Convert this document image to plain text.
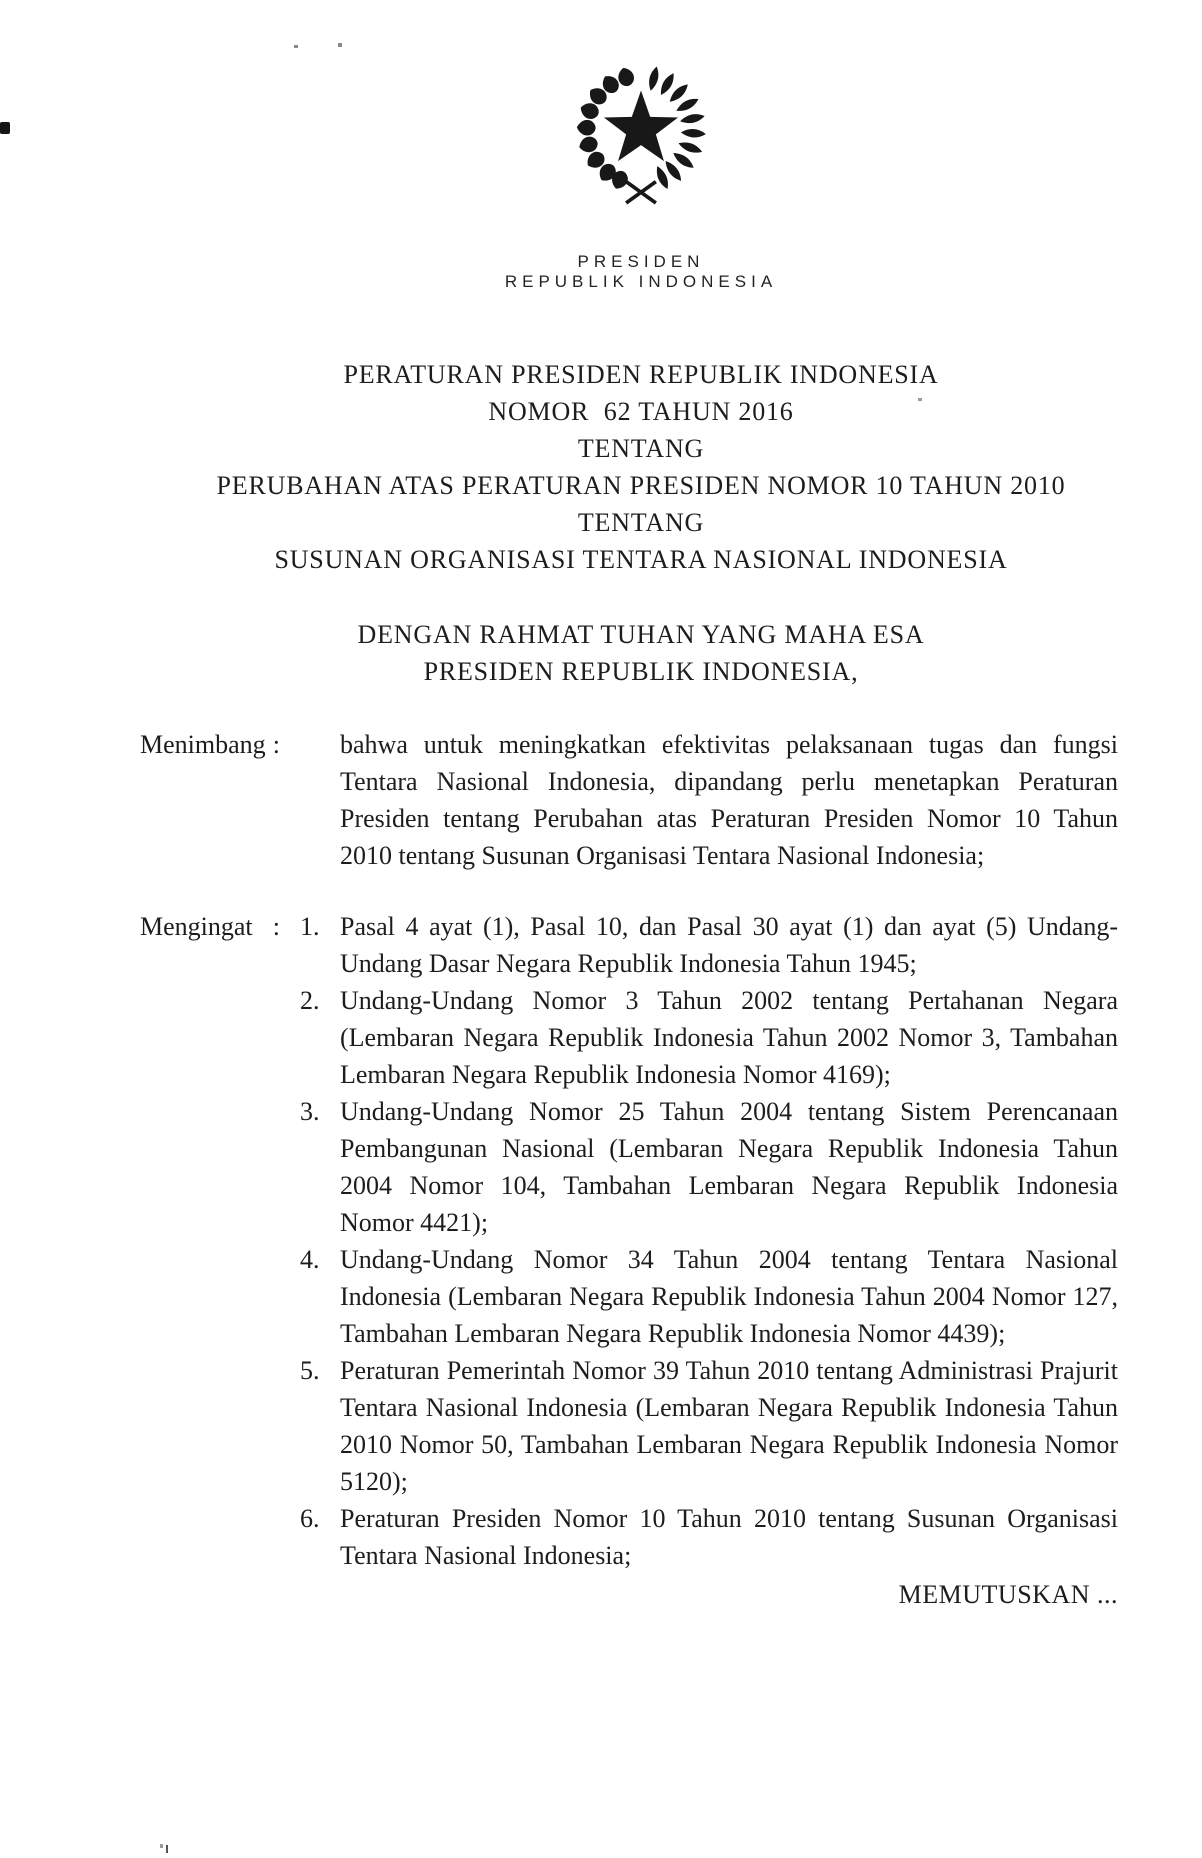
PRESIDEN
REPUBLIK INDONESIA
PERATURAN PRESIDEN REPUBLIK INDONESIA
NOMOR  62 TAHUN 2016
TENTANG
PERUBAHAN ATAS PERATURAN PRESIDEN NOMOR 10 TAHUN 2010 TENTANG
SUSUNAN ORGANISASI TENTARA NASIONAL INDONESIA
DENGAN RAHMAT TUHAN YANG MAHA ESA
PRESIDEN REPUBLIK INDONESIA,
Menimbang : bahwa untuk meningkatkan efektivitas pelaksanaan tugas dan fungsi Tentara Nasional Indonesia, dipandang perlu menetapkan Peraturan Presiden tentang Perubahan atas Peraturan Presiden Nomor 10 Tahun 2010 tentang Susunan Organisasi Tentara Nasional Indonesia;
Mengingat : 1. Pasal 4 ayat (1), Pasal 10, dan Pasal 30 ayat (1) dan ayat (5) Undang-Undang Dasar Negara Republik Indonesia Tahun 1945;
2. Undang-Undang Nomor 3 Tahun 2002 tentang Pertahanan Negara (Lembaran Negara Republik Indonesia Tahun 2002 Nomor 3, Tambahan Lembaran Negara Republik Indonesia Nomor 4169);
3. Undang-Undang Nomor 25 Tahun 2004 tentang Sistem Perencanaan Pembangunan Nasional (Lembaran Negara Republik Indonesia Tahun 2004 Nomor 104, Tambahan Lembaran Negara Republik Indonesia Nomor 4421);
4. Undang-Undang Nomor 34 Tahun 2004 tentang Tentara Nasional Indonesia (Lembaran Negara Republik Indonesia Tahun 2004 Nomor 127, Tambahan Lembaran Negara Republik Indonesia Nomor 4439);
5. Peraturan Pemerintah Nomor 39 Tahun 2010 tentang Administrasi Prajurit Tentara Nasional Indonesia (Lembaran Negara Republik Indonesia Tahun 2010 Nomor 50, Tambahan Lembaran Negara Republik Indonesia Nomor 5120);
6. Peraturan Presiden Nomor 10 Tahun 2010 tentang Susunan Organisasi Tentara Nasional Indonesia;
MEMUTUSKAN ...
